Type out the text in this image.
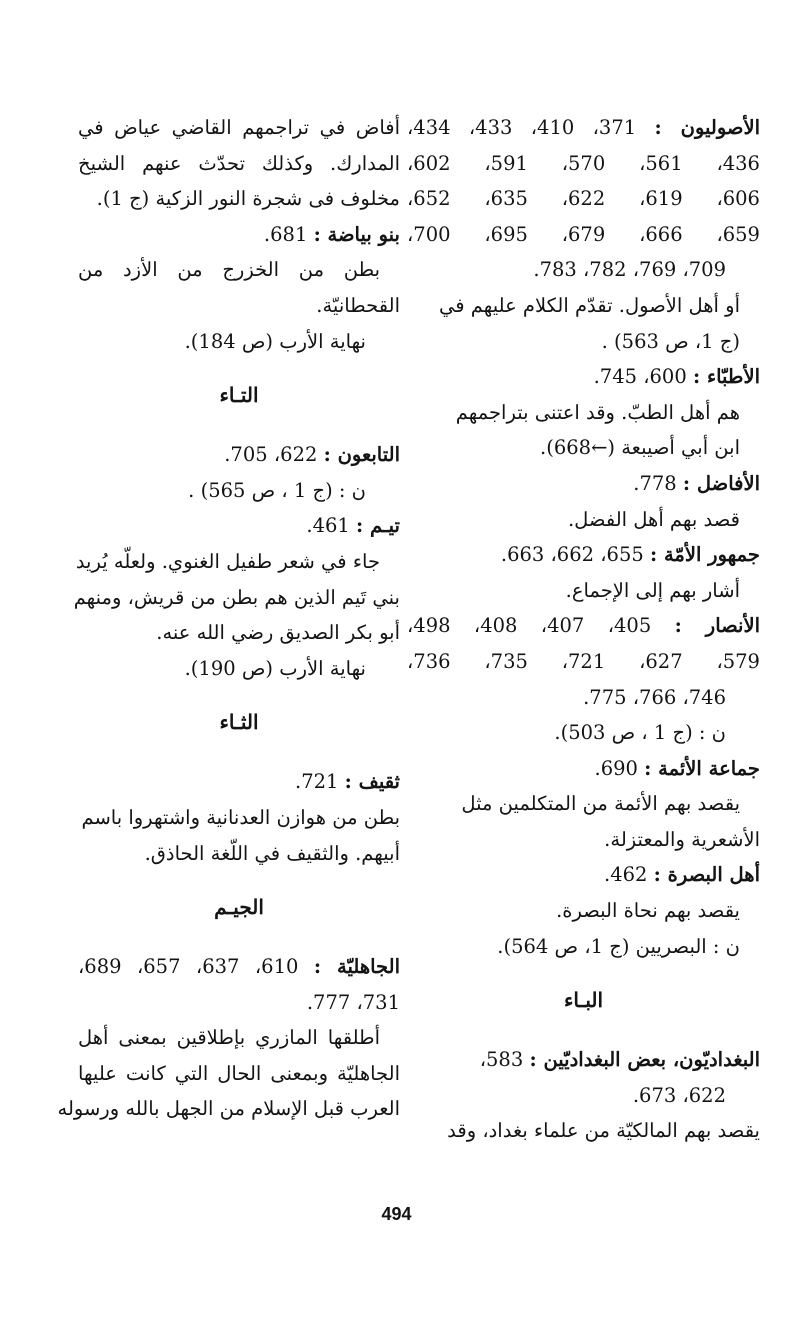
الأصوليون : 371، 410، 433، 434،
436، 561، 570، 591، 602،
606، 619، 622، 635، 652،
659، 666، 679، 695، 700،
709، 769، 782، 783.
أو أهل الأصول. تقدّم الكلام عليهم في
(ج 1، ص 563) .
الأطبّاء : 600، 745.
هم أهل الطبّ. وقد اعتنى بتراجمهم
ابن أبي أصيبعة (←668).
الأفاضل : 778.
قصد بهم أهل الفضل.
جمهور الأمّة : 655، 662، 663.
أشار بهم إلى الإجماع.
الأنصار : 405، 407، 408، 498،
579، 627، 721، 735، 736،
746، 766، 775.
ن : (ج 1 ، ص 503).
جماعة الأئمة : 690.
يقصد بهم الأئمة من المتكلمين مثل
الأشعرية والمعتزلة.
أهل البصرة : 462.
يقصد بهم نحاة البصرة.
ن : البصريين (ج 1، ص 564).
البـاء
البغداديّون، بعض البغداديّين : 583،
622، 673.
يقصد بهم المالكيّة من علماء بغداد، وقد
أفاض في تراجمهم القاضي عياض في
المدارك. وكذلك تحدّث عنهم الشيخ
مخلوف فى شجرة النور الزكية (ج 1).
بنو بياضة : 681.
بطن من الخزرج من الأزد من
القحطانيّة.
نهاية الأرب (ص 184).
التـاء
التابعون : 622، 705.
ن : (ج 1 ، ص 565) .
تيـم : 461.
جاء في شعر طفيل الغنوي. ولعلّه يُريد
بني تَيم الذين هم بطن من قريش، ومنهم
أبو بكر الصديق رضي الله عنه.
نهاية الأرب (ص 190).
الثـاء
ثقيف : 721.
بطن من هوازن العدنانية واشتهروا باسم
أبيهم. والثقيف في اللّغة الحاذق.
الجيـم
الجاهليّة : 610، 637، 657، 689،
731، 777.
أطلقها المازري بإطلاقين بمعنى أهل
الجاهليّة وبمعنى الحال التي كانت عليها
العرب قبل الإسلام من الجهل بالله ورسوله
494
